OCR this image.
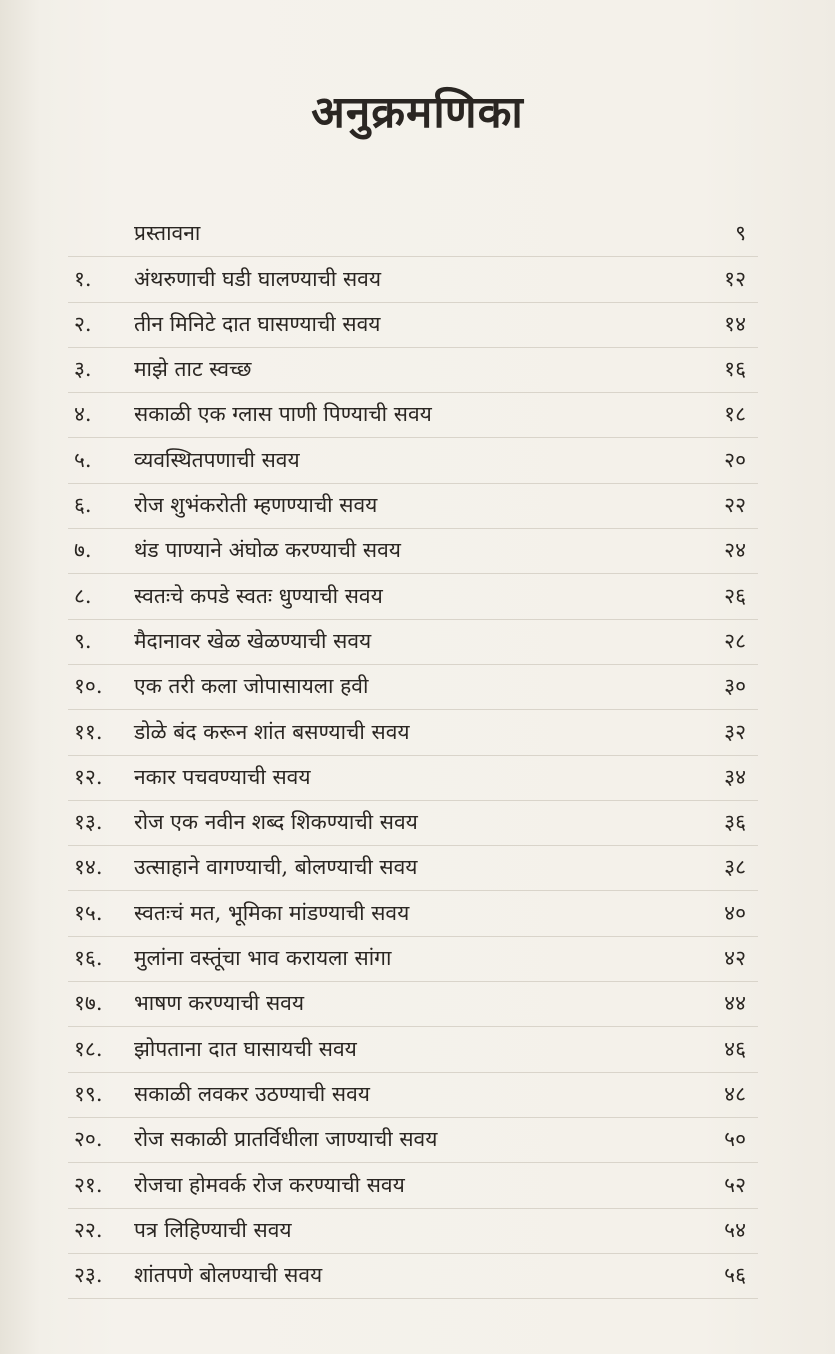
अनुक्रमणिका
प्रस्तावना	९
१. अंथरुणाची घडी घालण्याची सवय	१२
२. तीन मिनिटे दात घासण्याची सवय	१४
३. माझे ताट स्वच्छ	१६
४. सकाळी एक ग्लास पाणी पिण्याची सवय	१८
५. व्यवस्थितपणाची सवय	२०
६. रोज शुभंकरोती म्हणण्याची सवय	२२
७. थंड पाण्याने अंघोळ करण्याची सवय	२४
८. स्वतःचे कपडे स्वतः धुण्याची सवय	२६
९. मैदानावर खेळ खेळण्याची सवय	२८
१०. एक तरी कला जोपासायला हवी	३०
११. डोळे बंद करून शांत बसण्याची सवय	३२
१२. नकार पचवण्याची सवय	३४
१३. रोज एक नवीन शब्द शिकण्याची सवय	३६
१४. उत्साहाने वागण्याची, बोलण्याची सवय	३८
१५. स्वतःचं मत, भूमिका मांडण्याची सवय	४०
१६. मुलांना वस्तूंचा भाव करायला सांगा	४२
१७. भाषण करण्याची सवय	४४
१८. झोपताना दात घासायची सवय	४६
१९. सकाळी लवकर उठण्याची सवय	४८
२०. रोज सकाळी प्रातर्विधीला जाण्याची सवय	५०
२१. रोजचा होमवर्क रोज करण्याची सवय	५२
२२. पत्र लिहिण्याची सवय	५४
२३. शांतपणे बोलण्याची सवय	५६
